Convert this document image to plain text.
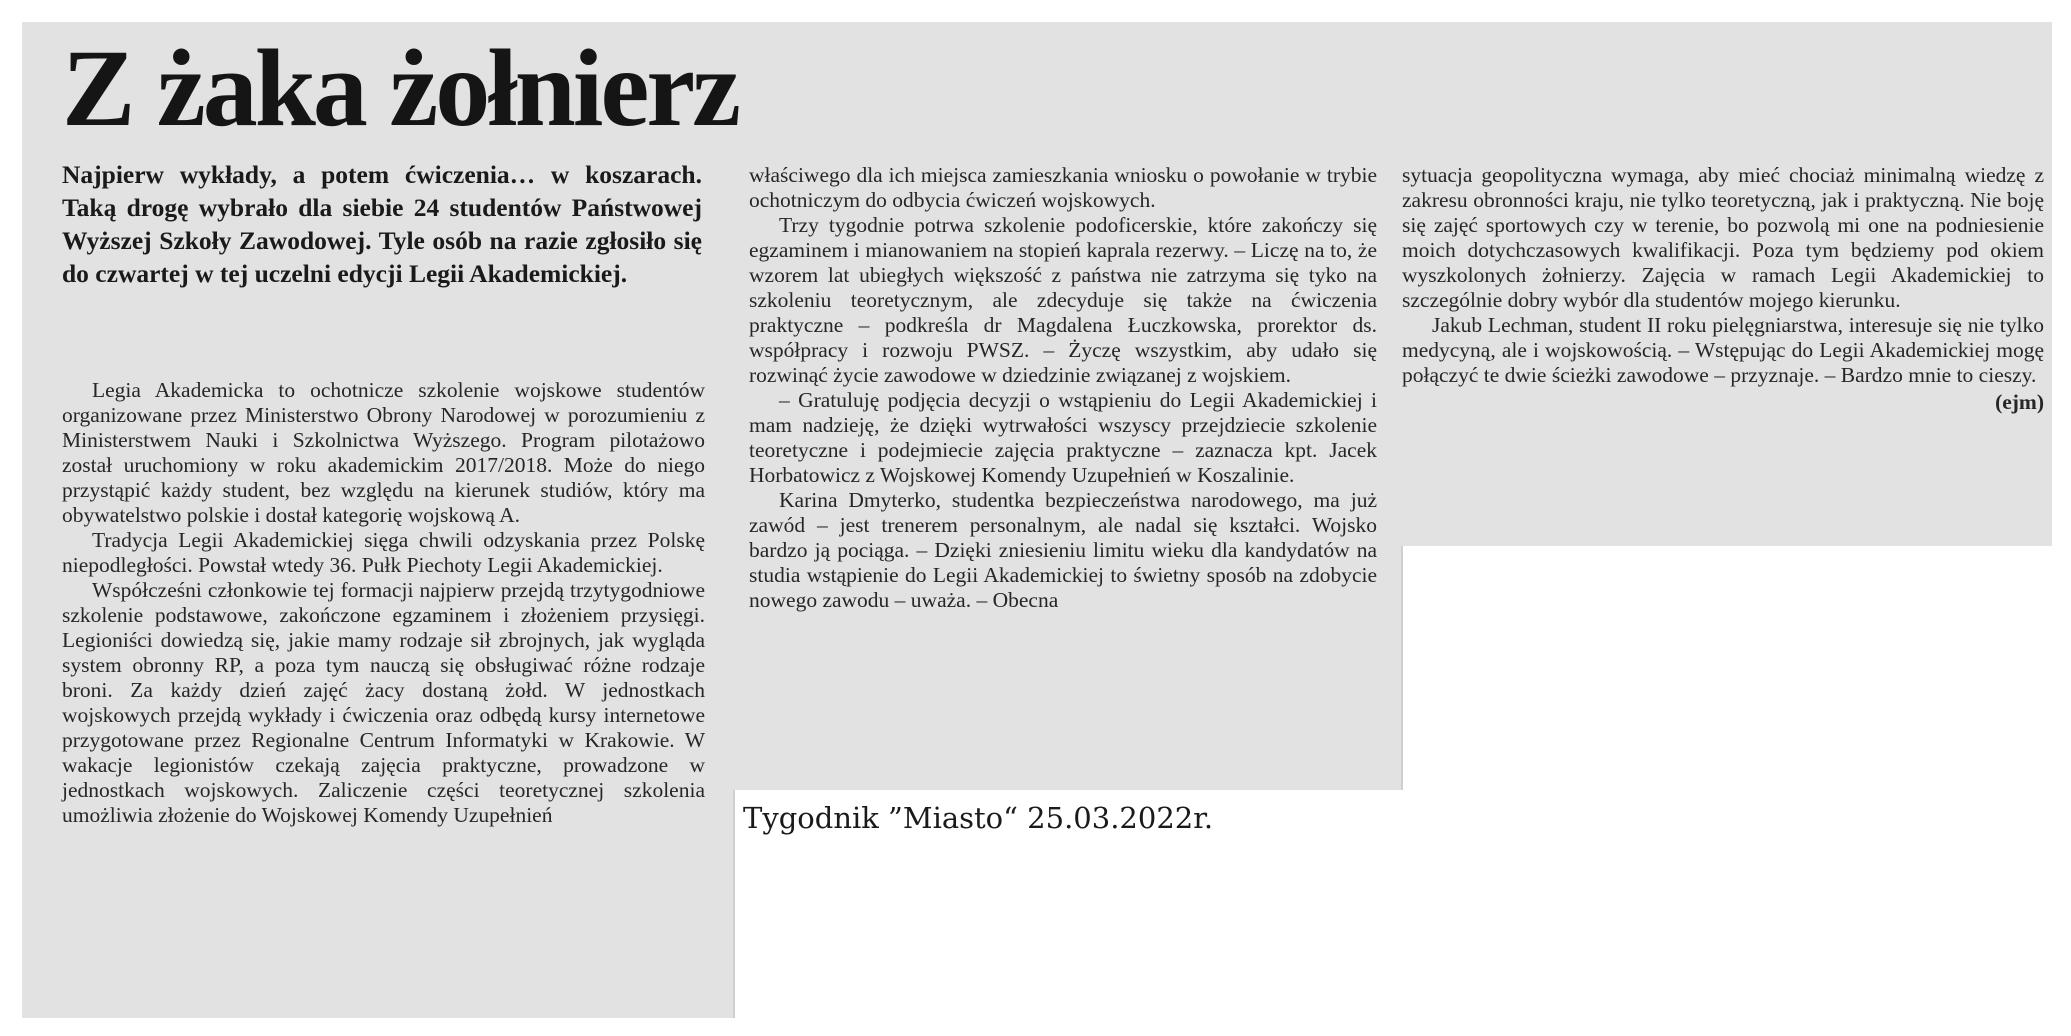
Z żaka żołnierz
Najpierw wykłady, a potem ćwiczenia… w koszarach. Taką drogę wybrało dla siebie 24 studentów Państwowej Wyższej Szkoły Zawodowej. Tyle osób na razie zgłosiło się do czwartej w tej uczelni edycji Legii Akademickiej.

Legia Akademicka to ochotnicze szkolenie wojskowe studentów organizowane przez Ministerstwo Obrony Narodowej w porozumieniu z Ministerstwem Nauki i Szkolnictwa Wyższego. Program pilotażowo został uruchomiony w roku akademickim 2017/2018. Może do niego przystąpić każdy student, bez względu na kierunek studiów, który ma obywatelstwo polskie i dostał kategorię wojskową A.

Tradycja Legii Akademickiej sięga chwili odzyskania przez Polskę niepodległości. Powstał wtedy 36. Pułk Piechoty Legii Akademickiej.

Współcześni członkowie tej formacji najpierw przejdą trzytygodniowe szkolenie podstawowe, zakończone egzaminem i złożeniem przysięgi. Legioniści dowiedzą się, jakie mamy rodzaje sił zbrojnych, jak wygląda system obronny RP, a poza tym nauczą się obsługiwać różne rodzaje broni. Za każdy dzień zajęć żacy dostaną żołd. W jednostkach wojskowych przejdą wykłady i ćwiczenia oraz odbędą kursy internetowe przygotowane przez Regionalne Centrum Informatyki w Krakowie. W wakacje legionistów czekają zajęcia praktyczne, prowadzone w jednostkach wojskowych. Zaliczenie części teoretycznej szkolenia umożliwia złożenie do Wojskowej Komendy Uzupełnień

właściwego dla ich miejsca zamieszkania wniosku o powołanie w trybie ochotniczym do odbycia ćwiczeń wojskowych.

Trzy tygodnie potrwa szkolenie podoficerskie, które zakończy się egzaminem i mianowaniem na stopień kaprala rezerwy. – Liczę na to, że wzorem lat ubiegłych większość z państwa nie zatrzyma się tyko na szkoleniu teoretycznym, ale zdecyduje się także na ćwiczenia praktyczne – podkreśla dr Magdalena Łuczkowska, prorektor ds. współpracy i rozwoju PWSZ. – Życzę wszystkim, aby udało się rozwinąć życie zawodowe w dziedzinie związanej z wojskiem.

– Gratuluję podjęcia decyzji o wstąpieniu do Legii Akademickiej i mam nadzieję, że dzięki wytrwałości wszyscy przejdziecie szkolenie teoretyczne i podejmiecie zajęcia praktyczne – zaznacza kpt. Jacek Horbatowicz z Wojskowej Komendy Uzupełnień w Koszalinie.

Karina Dmyterko, studentka bezpieczeństwa narodowego, ma już zawód – jest trenerem personalnym, ale nadal się kształci. Wojsko bardzo ją pociąga. – Dzięki zniesieniu limitu wieku dla kandydatów na studia wstąpienie do Legii Akademickiej to świetny sposób na zdobycie nowego zawodu – uważa. – Obecna

sytuacja geopolityczna wymaga, aby mieć chociaż minimalną wiedzę z zakresu obronności kraju, nie tylko teoretyczną, jak i praktyczną. Nie boję się zajęć sportowych czy w terenie, bo pozwolą mi one na podniesienie moich dotychczasowych kwalifikacji. Poza tym będziemy pod okiem wyszkolonych żołnierzy. Zajęcia w ramach Legii Akademickiej to szczególnie dobry wybór dla studentów mojego kierunku.

Jakub Lechman, student II roku pielęgniarstwa, interesuje się nie tylko medycyną, ale i wojskowością. – Wstępując do Legii Akademickiej mogę połączyć te dwie ścieżki zawodowe – przyznaje. – Bardzo mnie to cieszy.

(ejm)

Tygodnik ”Miasto“ 25.03.2022r.
